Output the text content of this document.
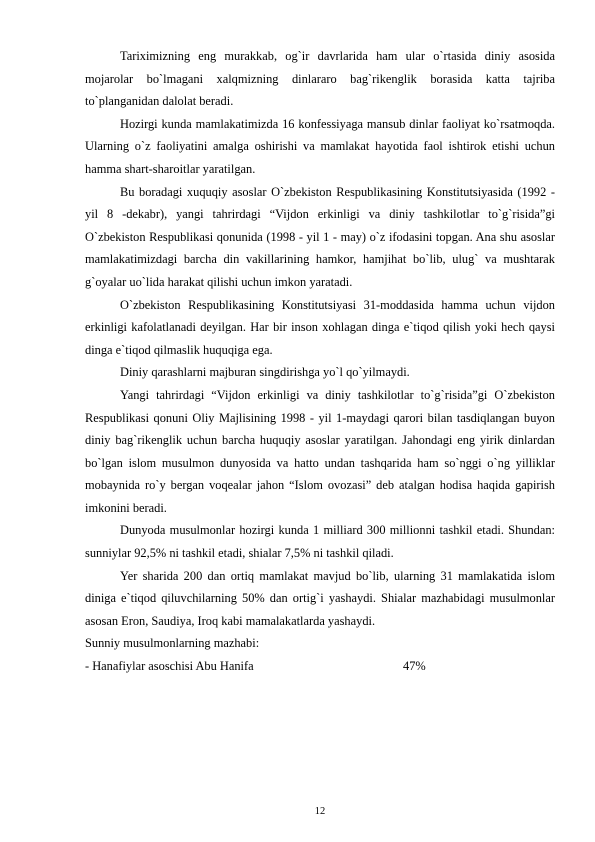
Tariximizning eng murakkab, og`ir davrlarida ham ular o`rtasida diniy asosida mojarolar bo`lmagani xalqmizning dinlararo bag`rikenglik borasida katta tajriba to`planganidan dalolat beradi.

Hozirgi kunda mamlakatimizda 16 konfessiyaga mansub dinlar faoliyat ko`rsatmoqda. Ularning o`z faoliyatini amalga oshirishi va mamlakat hayotida faol ishtirok etishi uchun hamma shart-sharoitlar yaratilgan.

Bu boradagi xuquqiy asoslar O`zbekiston Respublikasining Konstitutsiyasida (1992 - yil 8 -dekabr), yangi tahrirdagi “Vijdon erkinligi va diniy tashkilotlar to`g`risida”gi O`zbekiston Respublikasi qonunida (1998 - yil 1 - may) o`z ifodasini topgan. Ana shu asoslar mamlakatimizdagi barcha din vakillarining hamkor, hamjihat bo`lib, ulug` va mushtarak g`oyalar uo`lida harakat qilishi uchun imkon yaratadi.

O`zbekiston Respublikasining Konstitutsiyasi 31-moddasida hamma uchun vijdon erkinligi kafolatlanadi deyilgan. Har bir inson xohlagan dinga e`tiqod qilish yoki hech qaysi dinga e`tiqod qilmaslik huquqiga ega.

Diniy qarashlarni majburan singdirishga yo`l qo`yilmaydi.

Yangi tahrirdagi “Vijdon erkinligi va diniy tashkilotlar to`g`risida”gi O`zbekiston Respublikasi qonuni Oliy Majlisining 1998 - yil 1-maydagi qarori bilan tasdiqlangan buyon diniy bag`rikenglik uchun barcha huquqiy asoslar yaratilgan. Jahondagi eng yirik dinlardan bo`lgan islom musulmon dunyosida va hatto undan tashqarida ham so`nggi o`ng yilliklar mobaynida ro`y bergan voqealar jahon “Islom ovozasi” deb atalgan hodisa haqida gapirish imkonini beradi.

Dunyoda musulmonlar hozirgi kunda 1 milliard 300 millionni tashkil etadi. Shundan: sunniylar 92,5% ni tashkil etadi, shialar 7,5% ni tashkil qiladi.

Yer sharida 200 dan ortiq mamlakat mavjud bo`lib, ularning 31 mamlakatida islom diniga e`tiqod qiluvchilarning 50% dan ortig`i yashaydi. Shialar mazhabidagi musulmonlar asosan Eron, Saudiya, Iroq kabi mamalakatlarda yashaydi.

Sunniy musulmonlarning mazhabi:

- Hanafiylar asoschisi Abu Hanifa	47%
12
